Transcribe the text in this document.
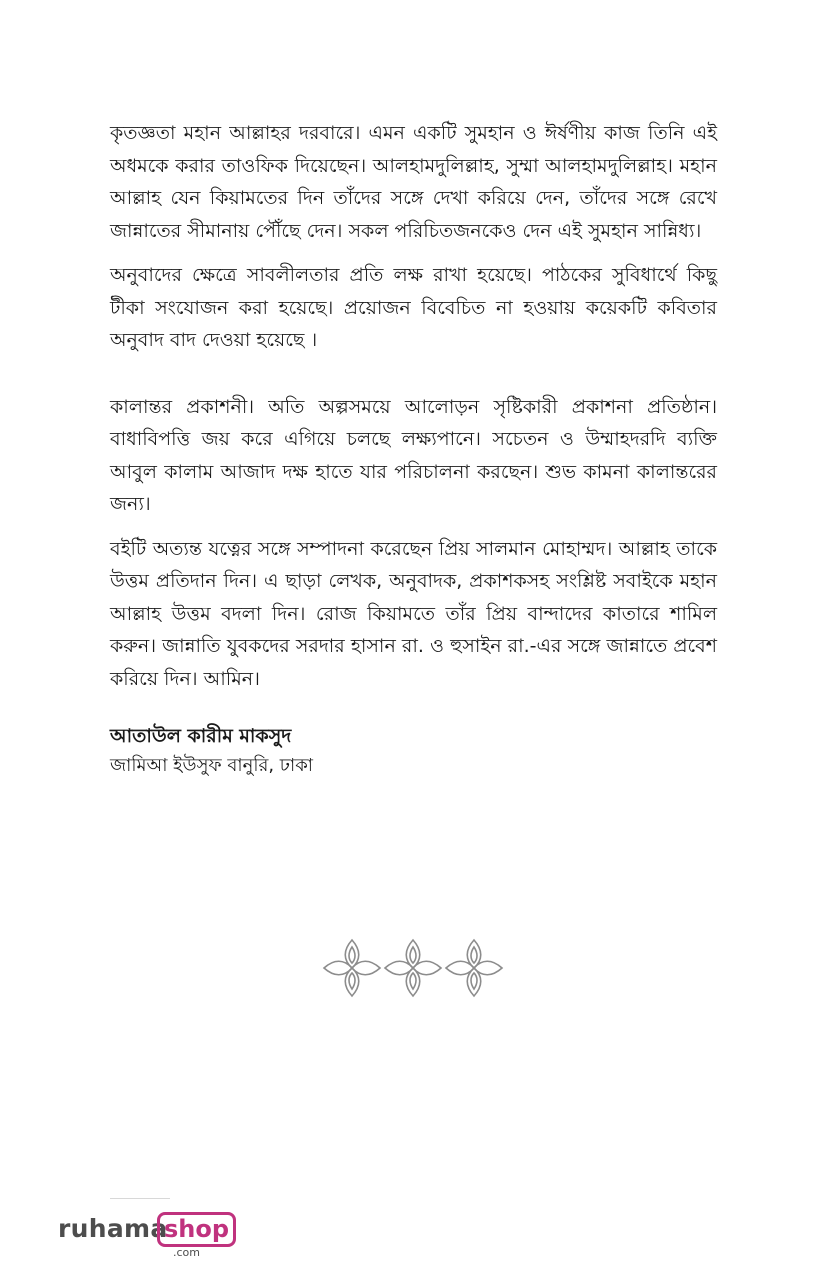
কৃতজ্ঞতা মহান আল্লাহর দরবারে। এমন একটি সুমহান ও ঈর্ষণীয় কাজ তিনি এই অধমকে করার তাওফিক দিয়েছেন। আলহামদুলিল্লাহ, সুম্মা আলহামদুলিল্লাহ। মহান আল্লাহ যেন কিয়ামতের দিন তাঁদের সঙ্গে দেখা করিয়ে দেন, তাঁদের সঙ্গে রেখে জান্নাতের সীমানায় পৌঁছে দেন। সকল পরিচিতজনকেও দেন এই সুমহান সান্নিধ্য।

অনুবাদের ক্ষেত্রে সাবলীলতার প্রতি লক্ষ রাখা হয়েছে। পাঠকের সুবিধার্থে কিছু টীকা সংযোজন করা হয়েছে। প্রয়োজন বিবেচিত না হওয়ায় কয়েকটি কবিতার অনুবাদ বাদ দেওয়া হয়েছে ।

কালান্তর প্রকাশনী। অতি অল্পসময়ে আলোড়ন সৃষ্টিকারী প্রকাশনা প্রতিষ্ঠান। বাধাবিপত্তি জয় করে এগিয়ে চলছে লক্ষ্যপানে। সচেতন ও উম্মাহদরদি ব্যক্তি আবুল কালাম আজাদ দক্ষ হাতে যার পরিচালনা করছেন। শুভ কামনা কালান্তরের জন্য।

বইটি অত্যন্ত যত্নের সঙ্গে সম্পাদনা করেছেন প্রিয় সালমান মোহাম্মদ। আল্লাহ তাকে উত্তম প্রতিদান দিন। এ ছাড়া লেখক, অনুবাদক, প্রকাশকসহ সংশ্লিষ্ট সবাইকে মহান আল্লাহ উত্তম বদলা দিন। রোজ কিয়ামতে তাঁর প্রিয় বান্দাদের কাতারে শামিল করুন। জান্নাতি যুবকদের সরদার হাসান রা. ও হুসাইন রা.-এর সঙ্গে জান্নাতে প্রবেশ করিয়ে দিন। আমিন।

আতাউল কারীম মাকসুদ
জামিআ ইউসুফ বানুরি, ঢাকা
ruhama
shop
.com
